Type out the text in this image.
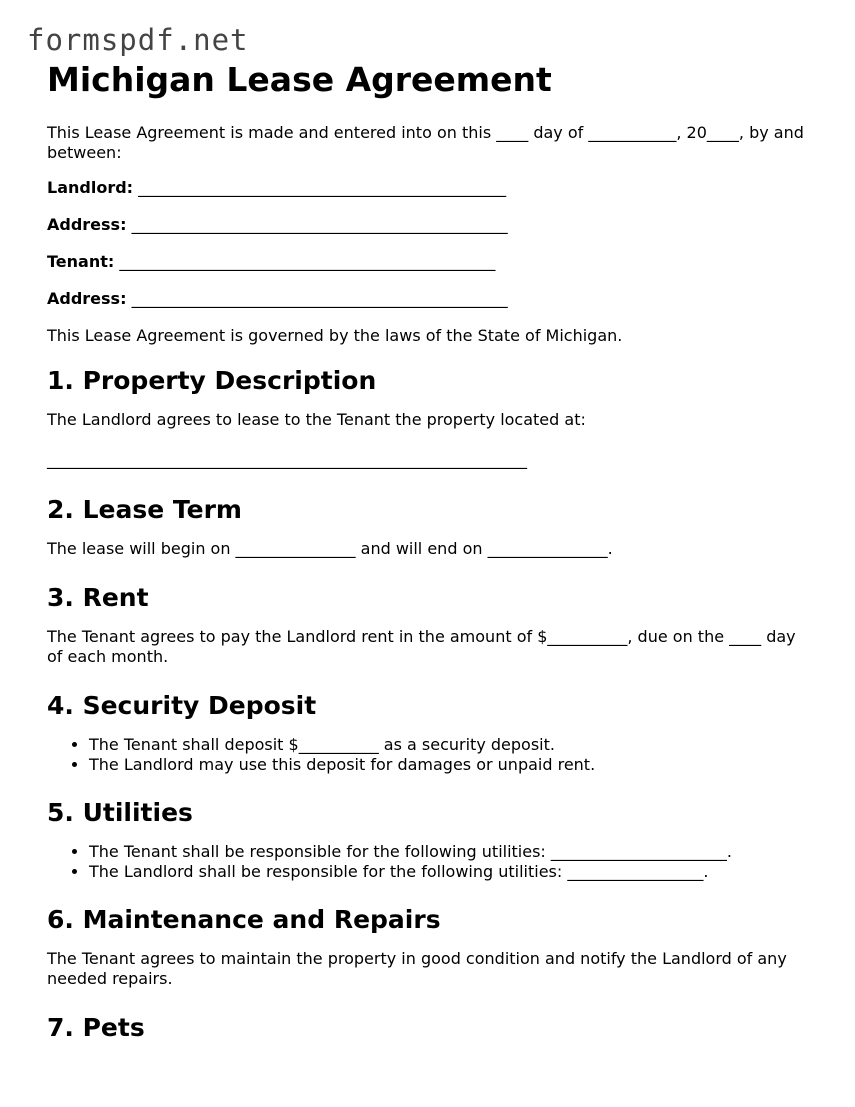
formspdf.net
Michigan Lease Agreement

This Lease Agreement is made and entered into on this ____ day of ___________, 20____, by and between:

Landlord: ______________________________________________
Address: _______________________________________________
Tenant: _______________________________________________
Address: _______________________________________________

This Lease Agreement is governed by the laws of the State of Michigan.

1. Property Description

The Landlord agrees to lease to the Tenant the property located at:

____________________________________________________________

2. Lease Term

The lease will begin on _______________ and will end on _______________.

3. Rent

The Tenant agrees to pay the Landlord rent in the amount of $__________, due on the ____ day of each month.

4. Security Deposit
• The Tenant shall deposit $__________ as a security deposit.
• The Landlord may use this deposit for damages or unpaid rent.
5. Utilities
• The Tenant shall be responsible for the following utilities: ______________________.
• The Landlord shall be responsible for the following utilities: _________________.
6. Maintenance and Repairs

The Tenant agrees to maintain the property in good condition and notify the Landlord of any needed repairs.

7. Pets
